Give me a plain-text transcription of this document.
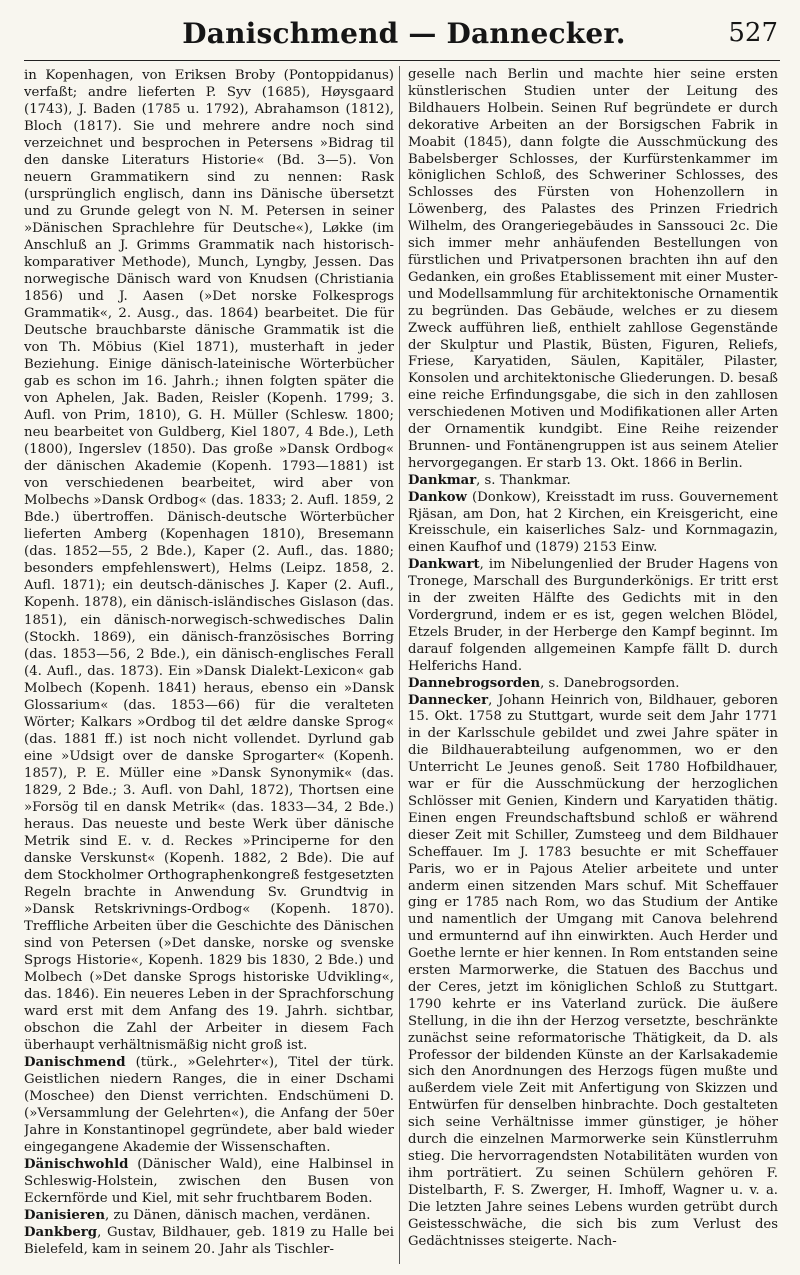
Danischmend — Dannecker.	527

in Kopenhagen, von Eriksen Broby (Pontoppidanus) verfaßt; andre lieferten P. Syv (1685), Høysgaard (1743), J. Baden (1785 u. 1792), Abrahamson (1812), Bloch (1817). Sie und mehrere andre noch sind verzeichnet und besprochen in Petersens »Bidrag til den danske Literaturs Historie« (Bd. 3—5). Von neuern Grammatikern sind zu nennen: Rask (ursprünglich englisch, dann ins Dänische übersetzt und zu Grunde gelegt von N. M. Petersen in seiner »Dänischen Sprachlehre für Deutsche«), Løkke (im Anschluß an J. Grimms Grammatik nach historisch-komparativer Methode), Munch, Lyngby, Jessen. Das norwegische Dänisch ward von Knudsen (Christiania 1856) und J. Aasen (»Det norske Folkesprogs Grammatik«, 2. Ausg., das. 1864) bearbeitet. Die für Deutsche brauchbarste dänische Grammatik ist die von Th. Möbius (Kiel 1871), musterhaft in jeder Beziehung. Einige dänisch-lateinische Wörterbücher gab es schon im 16. Jahrh.; ihnen folgten später die von Aphelen, Jak. Baden, Reisler (Kopenh. 1799; 3. Aufl. von Prim, 1810), G. H. Müller (Schlesw. 1800; neu bearbeitet von Guldberg, Kiel 1807, 4 Bde.), Leth (1800), Ingerslev (1850). Das große »Dansk Ordbog« der dänischen Akademie (Kopenh. 1793—1881) ist von verschiedenen bearbeitet, wird aber von Molbechs »Dansk Ordbog« (das. 1833; 2. Aufl. 1859, 2 Bde.) übertroffen. Dänisch-deutsche Wörterbücher lieferten Amberg (Kopenhagen 1810), Bresemann (das. 1852—55, 2 Bde.), Kaper (2. Aufl., das. 1880; besonders empfehlenswert), Helms (Leipz. 1858, 2. Aufl. 1871); ein deutsch-dänisches J. Kaper (2. Aufl., Kopenh. 1878), ein dänisch-isländisches Gislason (das. 1851), ein dänisch-norwegisch-schwedisches Dalin (Stockh. 1869), ein dänisch-französisches Borring (das. 1853—56, 2 Bde.), ein dänisch-englisches Ferall (4. Aufl., das. 1873). Ein »Dansk Dialekt-Lexicon« gab Molbech (Kopenh. 1841) heraus, ebenso ein »Dansk Glossarium« (das. 1853—66) für die veralteten Wörter; Kalkars »Ordbog til det ældre danske Sprog« (das. 1881 ff.) ist noch nicht vollendet. Dyrlund gab eine »Udsigt over de danske Sprogarter« (Kopenh. 1857), P. E. Müller eine »Dansk Synonymik« (das. 1829, 2 Bde.; 3. Aufl. von Dahl, 1872), Thortsen eine »Forsög til en dansk Metrik« (das. 1833—34, 2 Bde.) heraus. Das neueste und beste Werk über dänische Metrik sind E. v. d. Reckes »Principerne for den danske Verskunst« (Kopenh. 1882, 2 Bde). Die auf dem Stockholmer Orthographenkongreß festgesetzten Regeln brachte in Anwendung Sv. Grundtvig in »Dansk Retskrivnings-Ordbog« (Kopenh. 1870). Treffliche Arbeiten über die Geschichte des Dänischen sind von Petersen (»Det danske, norske og svenske Sprogs Historie«, Kopenh. 1829 bis 1830, 2 Bde.) und Molbech (»Det danske Sprogs historiske Udvikling«, das. 1846). Ein neueres Leben in der Sprachforschung ward erst mit dem Anfang des 19. Jahrh. sichtbar, obschon die Zahl der Arbeiter in diesem Fach überhaupt verhältnismäßig nicht groß ist.

Danischmend (türk., »Gelehrter«), Titel der türk. Geistlichen niedern Ranges, die in einer Dschami (Moschee) den Dienst verrichten. Endschümeni D. (»Versammlung der Gelehrten«), die Anfang der 50er Jahre in Konstantinopel gegründete, aber bald wieder eingegangene Akademie der Wissenschaften.

Dänischwohld (Dänischer Wald), eine Halbinsel in Schleswig-Holstein, zwischen den Busen von Eckernförde und Kiel, mit sehr fruchtbarem Boden.

Danisieren, zu Dänen, dänisch machen, verdänen.

Dankberg, Gustav, Bildhauer, geb. 1819 zu Halle bei Bielefeld, kam in seinem 20. Jahr als Tischler-

geselle nach Berlin und machte hier seine ersten künstlerischen Studien unter der Leitung des Bildhauers Holbein. Seinen Ruf begründete er durch dekorative Arbeiten an der Borsigschen Fabrik in Moabit (1845), dann folgte die Ausschmückung des Babelsberger Schlosses, der Kurfürstenkammer im königlichen Schloß, des Schweriner Schlosses, des Schlosses des Fürsten von Hohenzollern in Löwenberg, des Palastes des Prinzen Friedrich Wilhelm, des Orangeriegebäudes in Sanssouci 2c. Die sich immer mehr anhäufenden Bestellungen von fürstlichen und Privatpersonen brachten ihn auf den Gedanken, ein großes Etablissement mit einer Muster- und Modellsammlung für architektonische Ornamentik zu begründen. Das Gebäude, welches er zu diesem Zweck aufführen ließ, enthielt zahllose Gegenstände der Skulptur und Plastik, Büsten, Figuren, Reliefs, Friese, Karyatiden, Säulen, Kapitäler, Pilaster, Konsolen und architektonische Gliederungen. D. besaß eine reiche Erfindungsgabe, die sich in den zahllosen verschiedenen Motiven und Modifikationen aller Arten der Ornamentik kundgibt. Eine Reihe reizender Brunnen- und Fontänengruppen ist aus seinem Atelier hervorgegangen. Er starb 13. Okt. 1866 in Berlin.

Dankmar, s. Thankmar.

Dankow (Donkow), Kreisstadt im russ. Gouvernement Rjäsan, am Don, hat 2 Kirchen, ein Kreisgericht, eine Kreisschule, ein kaiserliches Salz- und Kornmagazin, einen Kaufhof und (1879) 2153 Einw.

Dankwart, im Nibelungenlied der Bruder Hagens von Tronege, Marschall des Burgunderkönigs. Er tritt erst in der zweiten Hälfte des Gedichts mit in den Vordergrund, indem er es ist, gegen welchen Blödel, Etzels Bruder, in der Herberge den Kampf beginnt. Im darauf folgenden allgemeinen Kampfe fällt D. durch Helferichs Hand.

Dannebrogsorden, s. Danebrogsorden.

Dannecker, Johann Heinrich von, Bildhauer, geboren 15. Okt. 1758 zu Stuttgart, wurde seit dem Jahr 1771 in der Karlsschule gebildet und zwei Jahre später in die Bildhauerabteilung aufgenommen, wo er den Unterricht Le Jeunes genoß. Seit 1780 Hofbildhauer, war er für die Ausschmückung der herzoglichen Schlösser mit Genien, Kindern und Karyatiden thätig. Einen engen Freundschaftsbund schloß er während dieser Zeit mit Schiller, Zumsteeg und dem Bildhauer Scheffauer. Im J. 1783 besuchte er mit Scheffauer Paris, wo er in Pajous Atelier arbeitete und unter anderm einen sitzenden Mars schuf. Mit Scheffauer ging er 1785 nach Rom, wo das Studium der Antike und namentlich der Umgang mit Canova belehrend und ermunternd auf ihn einwirkten. Auch Herder und Goethe lernte er hier kennen. In Rom entstanden seine ersten Marmorwerke, die Statuen des Bacchus und der Ceres, jetzt im königlichen Schloß zu Stuttgart. 1790 kehrte er ins Vaterland zurück. Die äußere Stellung, in die ihn der Herzog versetzte, beschränkte zunächst seine reformatorische Thätigkeit, da D. als Professor der bildenden Künste an der Karlsakademie sich den Anordnungen des Herzogs fügen mußte und außerdem viele Zeit mit Anfertigung von Skizzen und Entwürfen für denselben hinbrachte. Doch gestalteten sich seine Verhältnisse immer günstiger, je höher durch die einzelnen Marmorwerke sein Künstlerruhm stieg. Die hervorragendsten Notabilitäten wurden von ihm porträtiert. Zu seinen Schülern gehören F. Distelbarth, F. S. Zwerger, H. Imhoff, Wagner u. v. a. Die letzten Jahre seines Lebens wurden getrübt durch Geistesschwäche, die sich bis zum Verlust des Gedächtnisses steigerte. Nach-
